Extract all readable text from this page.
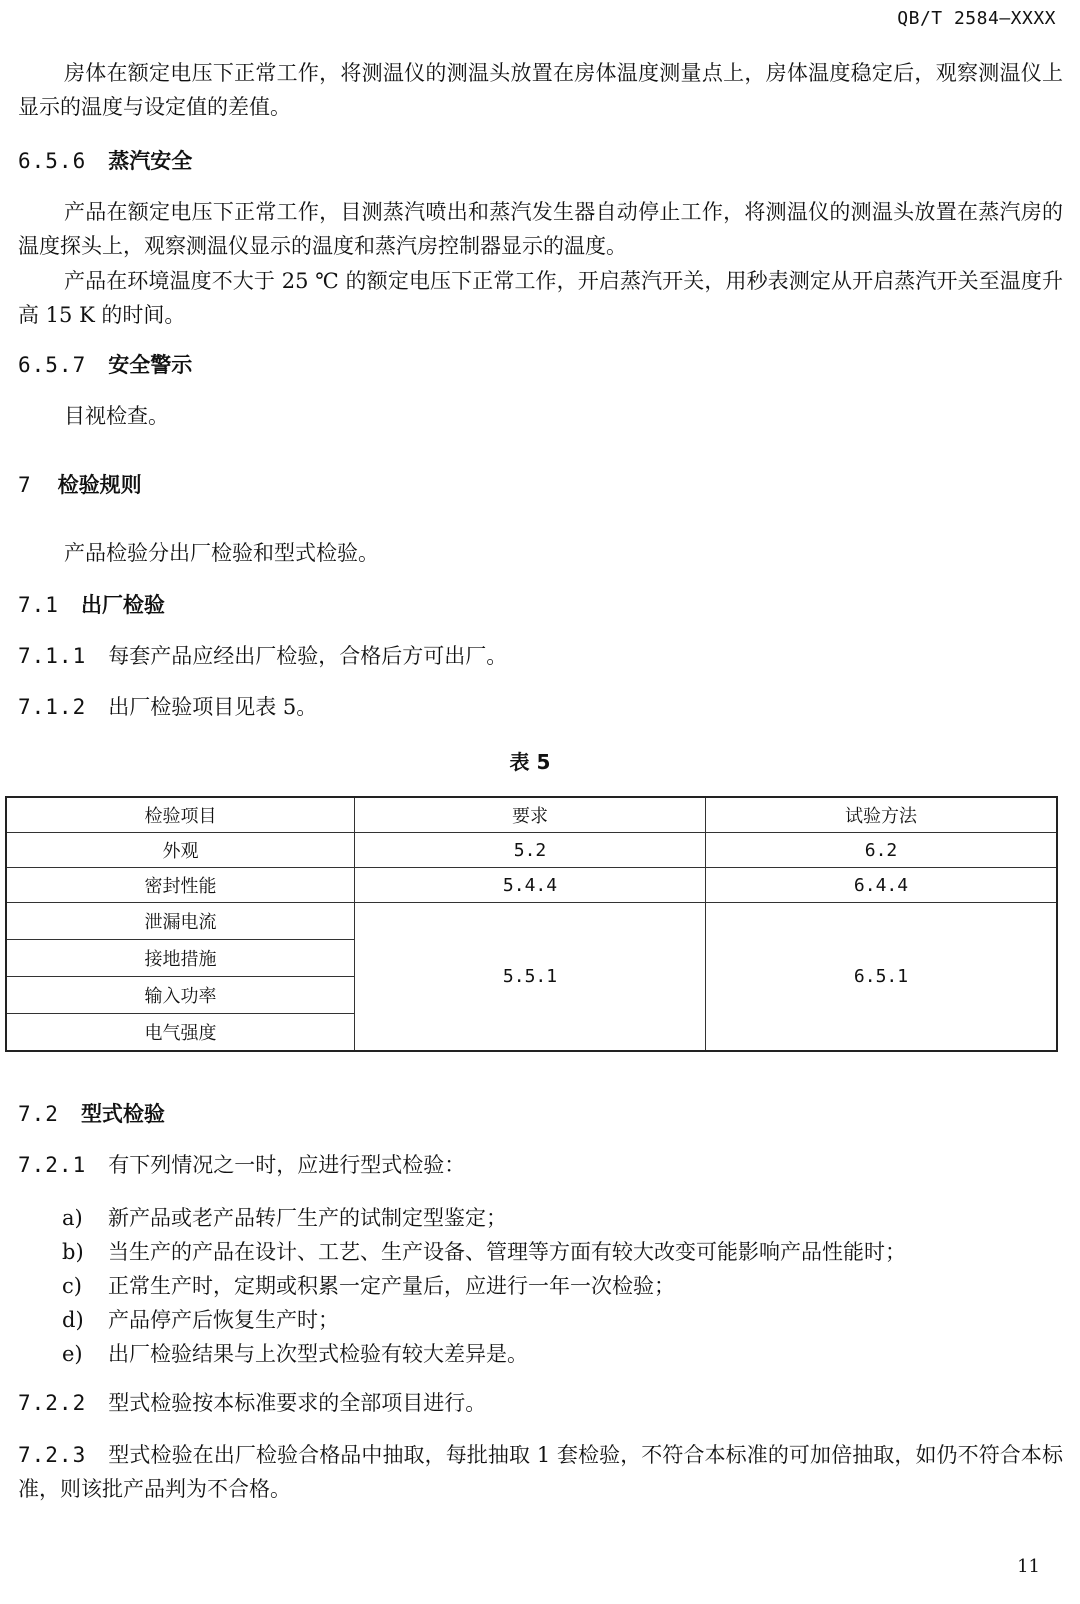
QB/T 2584—XXXX

房体在额定电压下正常工作，将测温仪的测温头放置在房体温度测量点上，房体温度稳定后，观察测温仪上显示的温度与设定值的差值。

6.5.6 蒸汽安全

产品在额定电压下正常工作，目测蒸汽喷出和蒸汽发生器自动停止工作，将测温仪的测温头放置在蒸汽房的温度探头上，观察测温仪显示的温度和蒸汽房控制器显示的温度。

产品在环境温度不大于 25 ℃ 的额定电压下正常工作，开启蒸汽开关，用秒表测定从开启蒸汽开关至温度升高 15 K 的时间。

6.5.7 安全警示

目视检查。

7 检验规则

产品检验分出厂检验和型式检验。

7.1 出厂检验
7.1.1 每套产品应经出厂检验，合格后方可出厂。
7.1.2 出厂检验项目见表 5。
表 5
检验项目	要求	试验方法
外观	5.2	6.2
密封性能	5.4.4	6.4.4
泄漏电流	5.5.1	6.5.1
接地措施		
输入功率		
电气强度		
7.2 型式检验
7.2.1 有下列情况之一时，应进行型式检验：
a) 新产品或老产品转厂生产的试制定型鉴定；
b) 当生产的产品在设计、工艺、生产设备、管理等方面有较大改变可能影响产品性能时；
c) 正常生产时，定期或积累一定产量后，应进行一年一次检验；
d) 产品停产后恢复生产时；
e) 出厂检验结果与上次型式检验有较大差异是。
7.2.2 型式检验按本标准要求的全部项目进行。

7.2.3 型式检验在出厂检验合格品中抽取，每批抽取 1 套检验，不符合本标准的可加倍抽取，如仍不符合本标准，则该批产品判为不合格。

11
